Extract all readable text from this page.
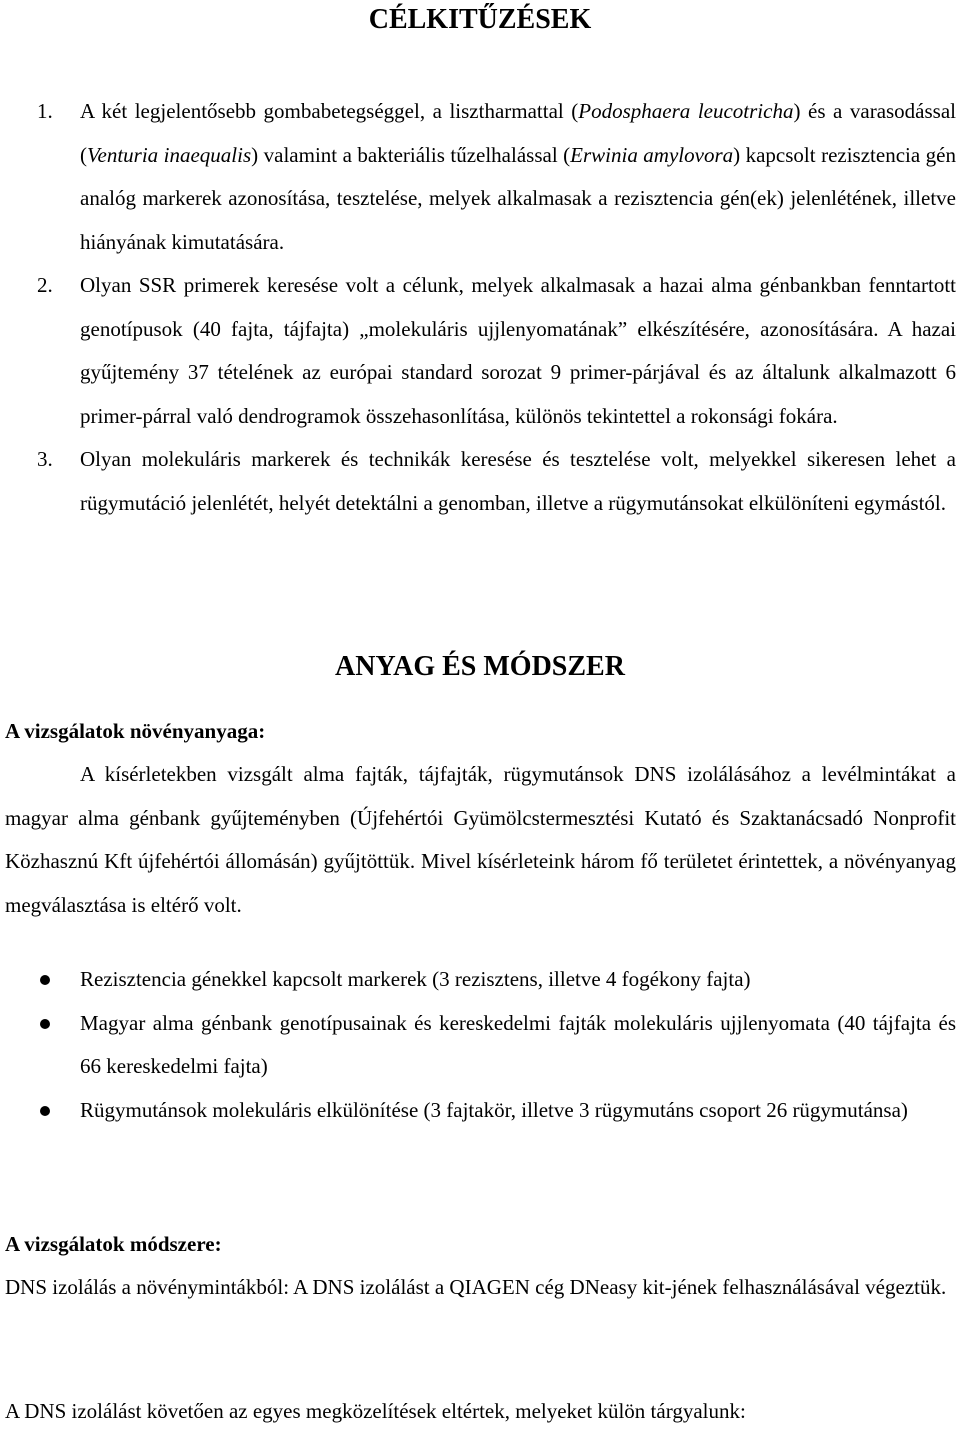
CÉLKITŰZÉSEK
1. A két legjelentősebb gombabetegséggel, a lisztharmattal (Podosphaera leucotricha) és a varasodással (Venturia inaequalis) valamint a bakteriális tűzelhalással (Erwinia amylovora) kapcsolt rezisztencia gén analóg markerek azonosítása, tesztelése, melyek alkalmasak a rezisztencia gén(ek) jelenlétének, illetve hiányának kimutatására.

2. Olyan SSR primerek keresése volt a célunk, melyek alkalmasak a hazai alma génbankban fenntartott genotípusok (40 fajta, tájfajta) „molekuláris ujjlenyomatának” elkészítésére, azonosítására. A hazai gyűjtemény 37 tételének az európai standard sorozat 9 primer-párjával és az általunk alkalmazott 6 primer-párral való dendrogramok összehasonlítása, különös tekintettel a rokonsági fokára.

3. Olyan molekuláris markerek és technikák keresése és tesztelése volt, melyekkel sikeresen lehet a rügymutáció jelenlétét, helyét detektálni a genomban, illetve a rügymutánsokat elkülöníteni egymástól.

ANYAG ÉS MÓDSZER

A vizsgálatok növényanyaga:

A kísérletekben vizsgált alma fajták, tájfajták, rügymutánsok DNS izolálásához a levélmintákat a magyar alma génbank gyűjteményben (Újfehértói Gyümölcstermesztési Kutató és Szaktanácsadó Nonprofit Közhasznú Kft újfehértói állomásán) gyűjtöttük. Mivel kísérleteink három fő területet érintettek, a növényanyag megválasztása is eltérő volt.

Rezisztencia génekkel kapcsolt markerek (3 rezisztens, illetve 4 fogékony fajta)
Magyar alma génbank genotípusainak és kereskedelmi fajták molekuláris ujjlenyomata (40 tájfajta és 66 kereskedelmi fajta)
Rügymutánsok molekuláris elkülönítése (3 fajtakör, illetve 3 rügymutáns csoport 26 rügymutánsa)

A vizsgálatok módszere:

DNS izolálás a növénymintákból: A DNS izolálást a QIAGEN cég DNeasy kit-jének felhasználásával végeztük.

A DNS izolálást követően az egyes megközelítések eltértek, melyeket külön tárgyalunk:
